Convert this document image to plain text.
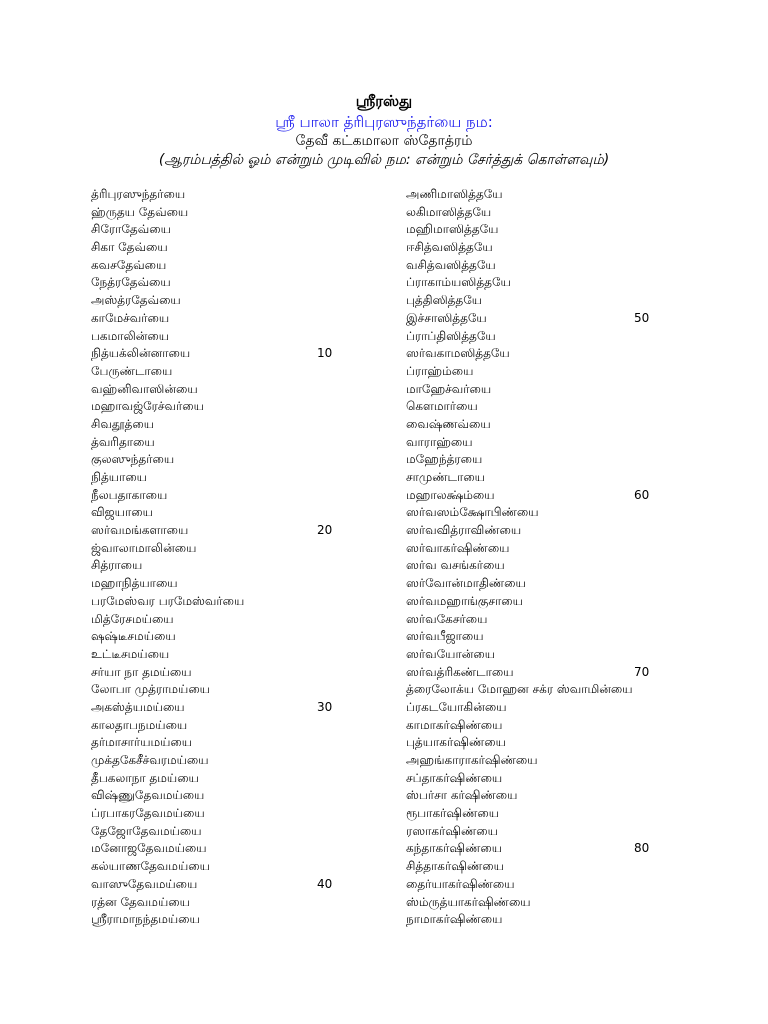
ஸ்ரீரஸ்து
ஸ்ரீ பாலா த்ரிபுரஸுந்தர்யை நம:
தேவீ கட்கமாலா ஸ்தோத்ரம்
(ஆரம்பத்தில் ஓம் என்றும் முடிவில் நம: என்றும் சேர்த்துக் கொள்ளவும்)
த்ரிபுரஸுந்தர்யை
ஹ்ருதய தேவ்யை
சிரோதேவ்யை
சிகா தேவ்யை
கவசதேவ்யை
நேத்ரதேவ்யை
அஸ்த்ரதேவ்யை
காமேச்வர்யை
பகமாலின்யை
நித்யக்லின்னாயை	10
பேருண்டாயை
வஹ்னிவாஸின்யை
மஹாவஜ்ரேச்வர்யை
சிவதூத்யை
த்வரிதாயை
குலஸுந்தர்யை
நித்யாயை
நீலபதாகாயை
விஜயாயை
ஸர்வமங்களாயை	20
ஜ்வாலாமாலின்யை
சித்ராயை
மஹாநித்யாயை
பரமேஸ்வர பரமேஸ்வர்யை
மித்ரேசமய்யை
ஷஷ்டீசமய்யை
உட்டீசமய்யை
சர்யா நா தமய்யை
லோபா முத்ராமய்யை
அகஸ்த்யமய்யை	30
காலதாபநமய்யை
தர்மாசார்யமய்யை
முக்தகேசீச்வரமய்யை
தீபகலாநா தமய்யை
விஷ்ணுதேவமய்யை
ப்ரபாகரதேவமய்யை
தேஜோதேவமய்யை
மனோஜதேவமய்யை
கல்யாணதேவமய்யை
வாஸுதேவமய்யை	40
ரத்ன தேவமய்யை
ஸ்ரீராமாநந்தமய்யை
அணிமாஸித்தயே
லகிமாஸித்தயே
மஹிமாஸித்தயே
ஈசித்வஸித்தயே
வசித்வஸித்தயே
ப்ராகாம்யஸித்தயே
புத்திஸித்தயே
இச்சாஸித்தயே	50
ப்ராப்திஸித்தயே
ஸர்வகாமஸித்தயே
ப்ராஹ்ம்யை
மாஹேச்வர்யை
கௌமார்யை
வைஷ்ணவ்யை
வாராஹ்யை
மஹேந்த்ரயை
சாமுண்டாயை
மஹாலக்ஷ்ம்யை	60
ஸர்வஸம்க்ஷோபிண்யை
ஸர்வவித்ராவிண்யை
ஸர்வாகர்ஷிண்யை
ஸர்வ வசங்கர்யை
ஸர்வோன்மாதிண்யை
ஸர்வமஹாங்குசாயை
ஸர்வகேசர்யை
ஸர்வபீஜாயை
ஸர்வயோன்யை
ஸர்வத்ரிகண்டாயை	70
த்ரைலோக்ய மோஹன சக்ர ஸ்வாமின்யை
ப்ரகடயோகின்யை
காமாகர்ஷிண்யை
புத்யாகர்ஷிண்யை
அஹங்காராகர்ஷிண்யை
சப்தாகர்ஷிண்யை
ஸ்பர்சா கர்ஷிண்யை
ரூபாகர்ஷிண்யை
ரஸாகர்ஷிண்யை
கந்தாகர்ஷிண்யை	80
சித்தாகர்ஷிண்யை
தைர்யாகர்ஷிண்யை
ஸ்ம்ருத்யாகர்ஷிண்யை
நாமாகர்ஷிண்யை
